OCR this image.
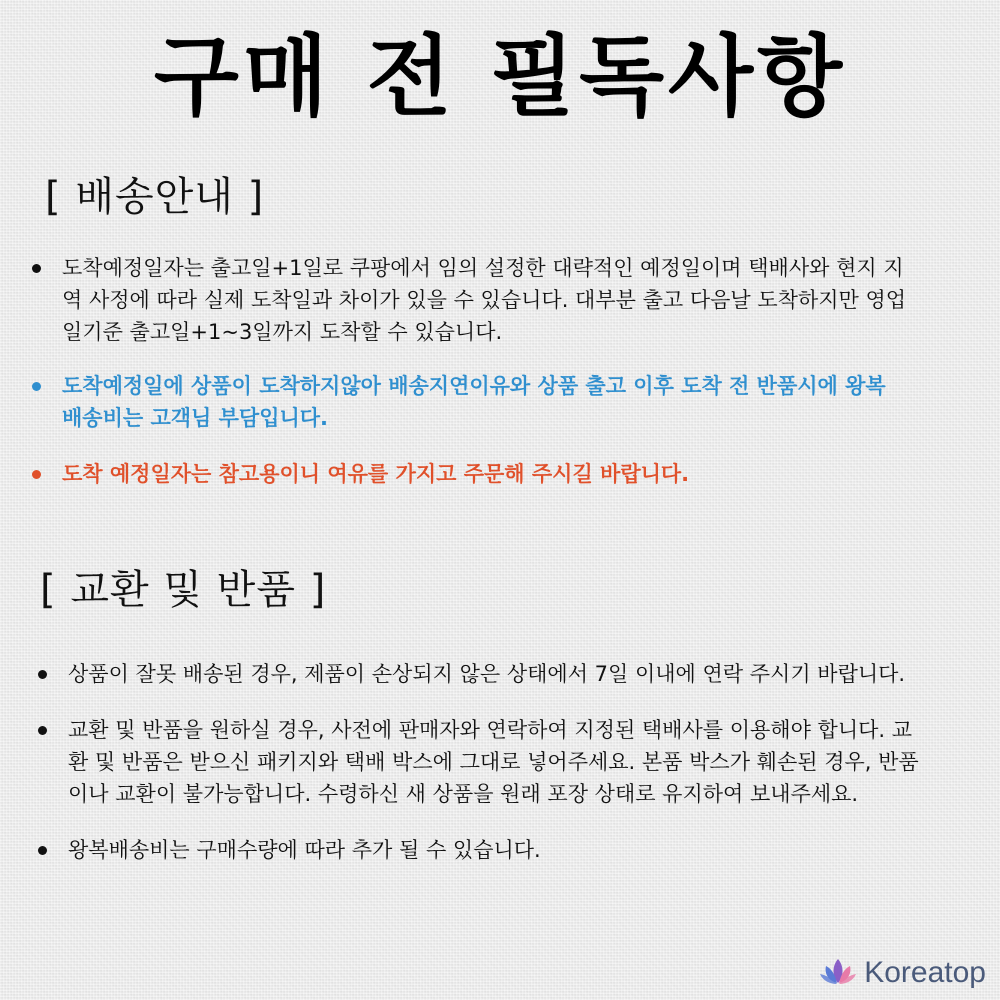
구매 전 필독사항
[ 배송안내 ]
도착예정일자는 출고일+1일로 쿠팡에서 임의 설정한 대략적인 예정일이며 택배사와 현지 지역 사정에 따라 실제 도착일과 차이가 있을 수 있습니다. 대부분 출고 다음날 도착하지만 영업일기준 출고일+1~3일까지 도착할 수 있습니다.
도착예정일에 상품이 도착하지않아 배송지연이유와 상품 출고 이후 도착 전 반품시에 왕복 배송비는 고객님 부담입니다.
도착 예정일자는 참고용이니 여유를 가지고 주문해 주시길 바랍니다.
[ 교환 및 반품 ]
상품이 잘못 배송된 경우, 제품이 손상되지 않은 상태에서 7일 이내에 연락 주시기 바랍니다.
교환 및 반품을 원하실 경우, 사전에 판매자와 연락하여 지정된 택배사를 이용해야 합니다. 교환 및 반품은 받으신 패키지와 택배 박스에 그대로 넣어주세요. 본품 박스가 훼손된 경우, 반품이나 교환이 불가능합니다. 수령하신 새 상품을 원래 포장 상태로 유지하여 보내주세요.
왕복배송비는 구매수량에 따라 추가 될 수 있습니다.
Koreatop
